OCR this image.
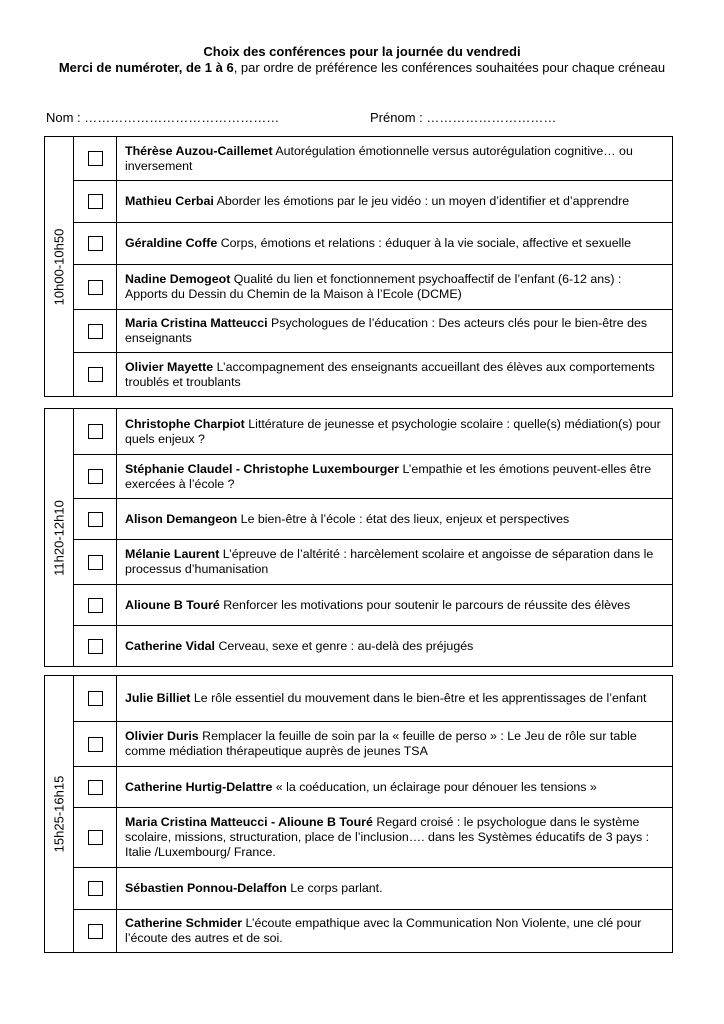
Choix des conférences pour la journée du vendredi
Merci de numéroter, de 1 à 6, par ordre de préférence les conférences souhaitées pour chaque créneau
Nom : ………………………………………	Prénom : …………………………
10h00-10h50
Thérèse Auzou-Caillemet Autorégulation émotionnelle versus autorégulation cognitive… ou inversement
Mathieu Cerbai Aborder les émotions par le jeu vidéo : un moyen d’identifier et d’apprendre
Géraldine Coffe Corps, émotions et relations : éduquer à la vie sociale, affective et sexuelle
Nadine Demogeot Qualité du lien et fonctionnement psychoaffectif de l’enfant (6-12 ans) : Apports du Dessin du Chemin de la Maison à l’Ecole (DCME)
Maria Cristina Matteucci Psychologues de l’éducation : Des acteurs clés pour le bien-être des enseignants
Olivier Mayette L’accompagnement des enseignants accueillant des élèves aux comportements troublés et troublants
11h20-12h10
Christophe Charpiot Littérature de jeunesse et psychologie scolaire : quelle(s) médiation(s) pour quels enjeux ?
Stéphanie Claudel - Christophe Luxembourger L’empathie et les émotions peuvent-elles être exercées à l’école ?
Alison Demangeon Le bien-être à l’école : état des lieux, enjeux et perspectives
Mélanie Laurent L’épreuve de l’altérité : harcèlement scolaire et angoisse de séparation dans le processus d’humanisation
Alioune B Touré Renforcer les motivations pour soutenir le parcours de réussite des élèves
Catherine Vidal Cerveau, sexe et genre : au-delà des préjugés
15h25-16h15
Julie Billiet Le rôle essentiel du mouvement dans le bien-être et les apprentissages de l’enfant
Olivier Duris Remplacer la feuille de soin par la « feuille de perso » : Le Jeu de rôle sur table comme médiation thérapeutique auprès de jeunes TSA
Catherine Hurtig-Delattre « la coéducation, un éclairage pour dénouer les tensions »
Maria Cristina Matteucci - Alioune B Touré Regard croisé : le psychologue dans le système scolaire, missions, structuration, place de l’inclusion…. dans les Systèmes éducatifs de 3 pays : Italie /Luxembourg/ France.
Sébastien Ponnou-Delaffon Le corps parlant.
Catherine Schmider L’écoute empathique avec la Communication Non Violente, une clé pour l’écoute des autres et de soi.
